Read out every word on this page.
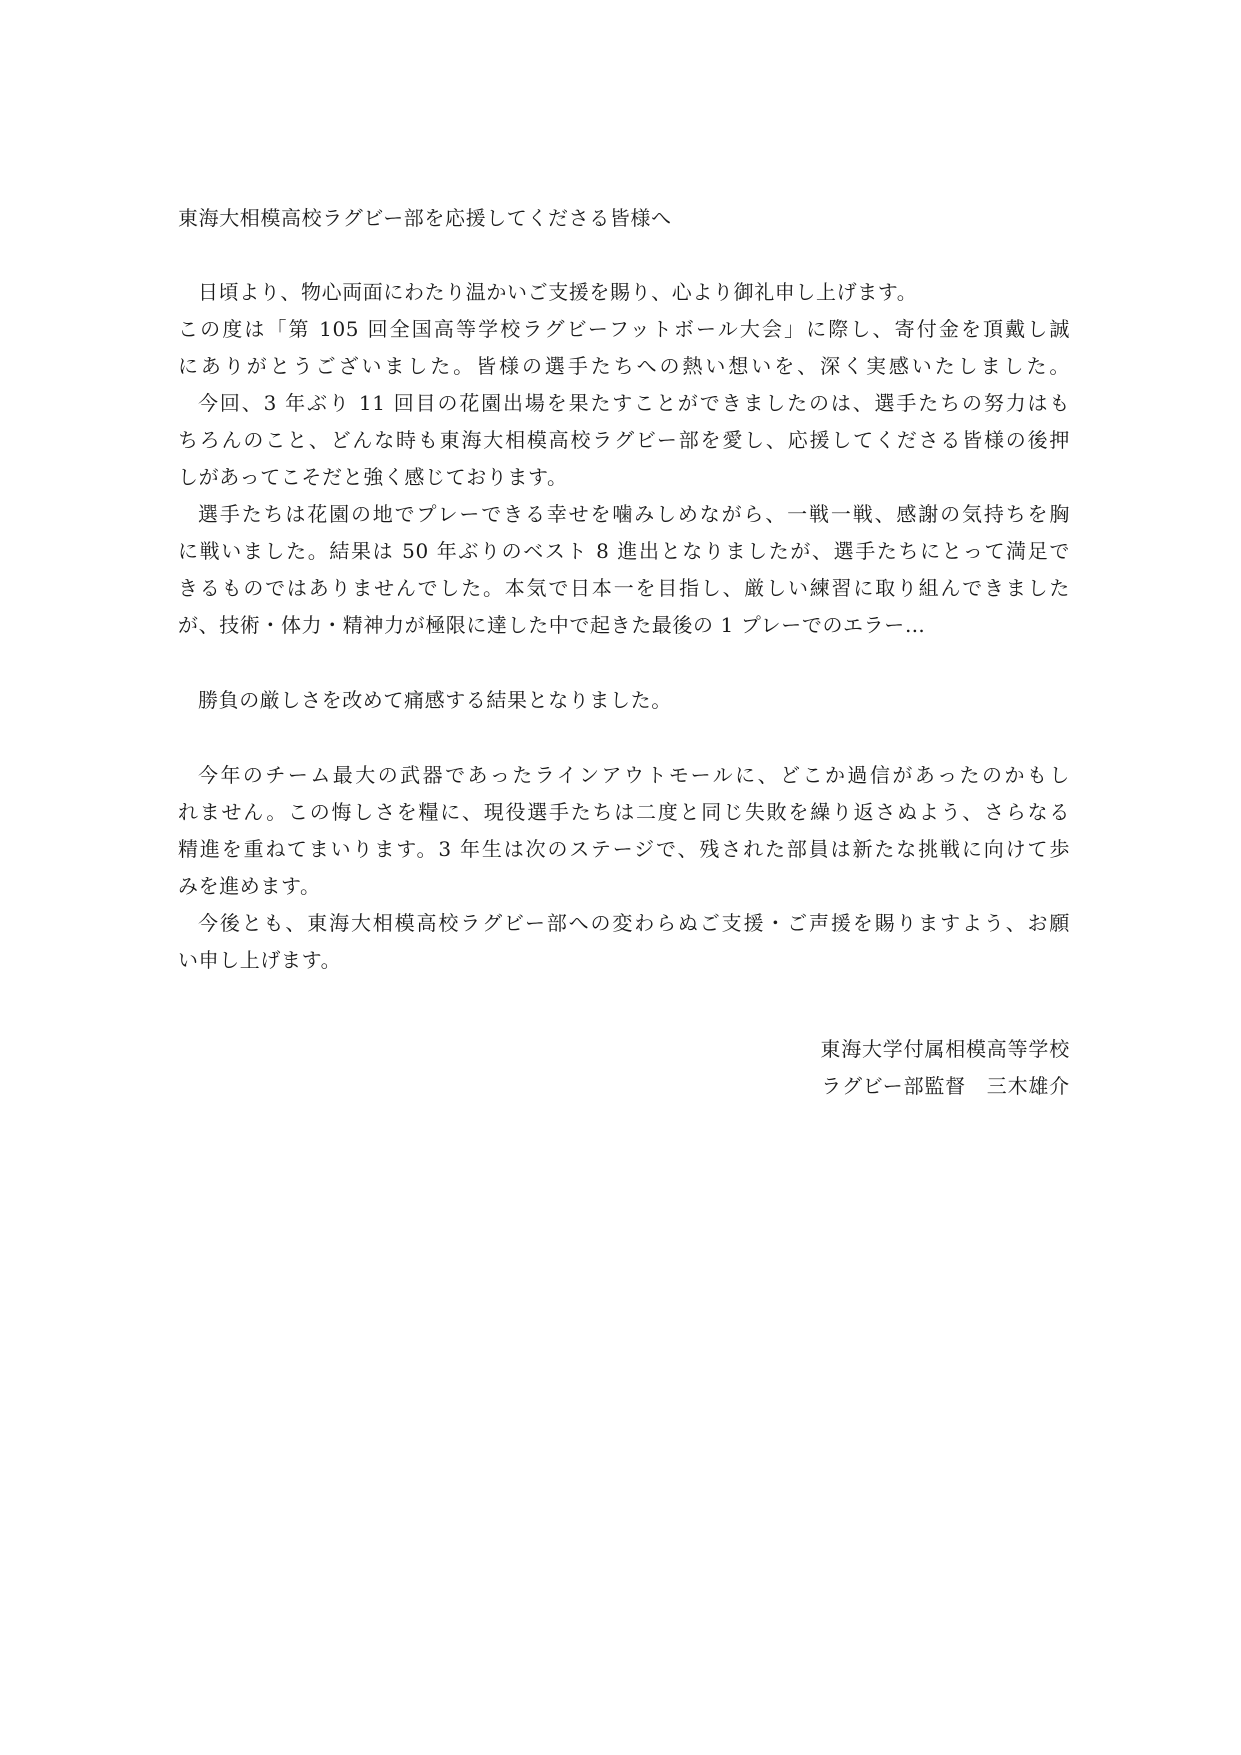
東海大相模高校ラグビー部を応援してくださる皆様へ
日頃より、物心両面にわたり温かいご支援を賜り、心より御礼申し上げます。
この度は「第 105 回全国高等学校ラグビーフットボール大会」に際し、寄付金を頂戴し誠
にありがとうございました。皆様の選手たちへの熱い想いを、深く実感いたしました。
今回、3 年ぶり 11 回目の花園出場を果たすことができましたのは、選手たちの努力はも
ちろんのこと、どんな時も東海大相模高校ラグビー部を愛し、応援してくださる皆様の後押
しがあってこそだと強く感じております。
選手たちは花園の地でプレーできる幸せを噛みしめながら、一戦一戦、感謝の気持ちを胸
に戦いました。結果は 50 年ぶりのベスト 8 進出となりましたが、選手たちにとって満足で
きるものではありませんでした。本気で日本一を目指し、厳しい練習に取り組んできました
が、技術・体力・精神力が極限に達した中で起きた最後の 1 プレーでのエラー…
勝負の厳しさを改めて痛感する結果となりました。
今年のチーム最大の武器であったラインアウトモールに、どこか過信があったのかもし
れません。この悔しさを糧に、現役選手たちは二度と同じ失敗を繰り返さぬよう、さらなる
精進を重ねてまいります。3 年生は次のステージで、残された部員は新たな挑戦に向けて歩
みを進めます。
今後とも、東海大相模高校ラグビー部への変わらぬご支援・ご声援を賜りますよう、お願
い申し上げます。
東海大学付属相模高等学校
ラグビー部監督　三木雄介
